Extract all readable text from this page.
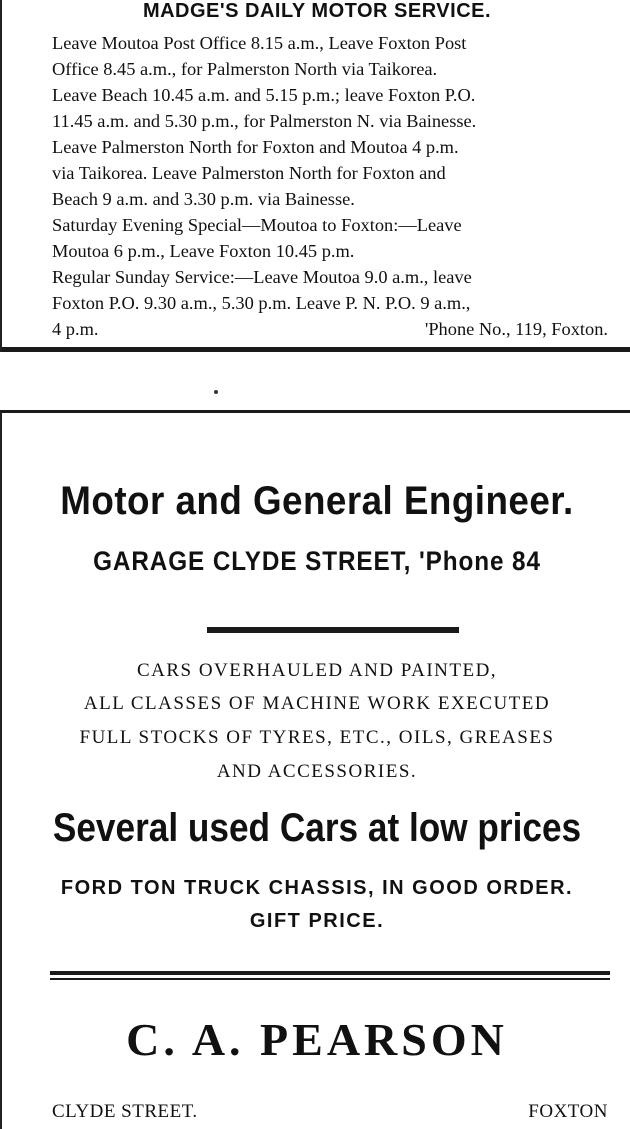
MADGE'S DAILY MOTOR SERVICE.
Leave Moutoa Post Office 8.15 a.m., Leave Foxton Post
Office 8.45 a.m., for Palmerston North via Taikorea.
Leave Beach 10.45 a.m. and 5.15 p.m.; leave Foxton P.O.
11.45 a.m. and 5.30 p.m., for Palmerston N. via Bainesse.
Leave Palmerston North for Foxton and Moutoa 4 p.m.
via Taikorea. Leave Palmerston North for Foxton and
Beach 9 a.m. and 3.30 p.m. via Bainesse.
Saturday Evening Special—Moutoa to Foxton:—Leave
Moutoa 6 p.m., Leave Foxton 10.45 p.m.
Regular Sunday Service:—Leave Moutoa 9.0 a.m., leave
Foxton P.O. 9.30 a.m., 5.30 p.m. Leave P. N. P.O. 9 a.m.,
4 p.m.	'Phone No., 119, Foxton.
Motor and General Engineer.
GARAGE CLYDE STREET, 'Phone 84
CARS OVERHAULED AND PAINTED,
ALL CLASSES OF MACHINE WORK EXECUTED
FULL STOCKS OF TYRES, ETC., OILS, GREASES
AND ACCESSORIES.
Several used Cars at low prices
FORD TON TRUCK CHASSIS, IN GOOD ORDER.
GIFT PRICE.
C. A. PEARSON
CLYDE STREET.	FOXTON
